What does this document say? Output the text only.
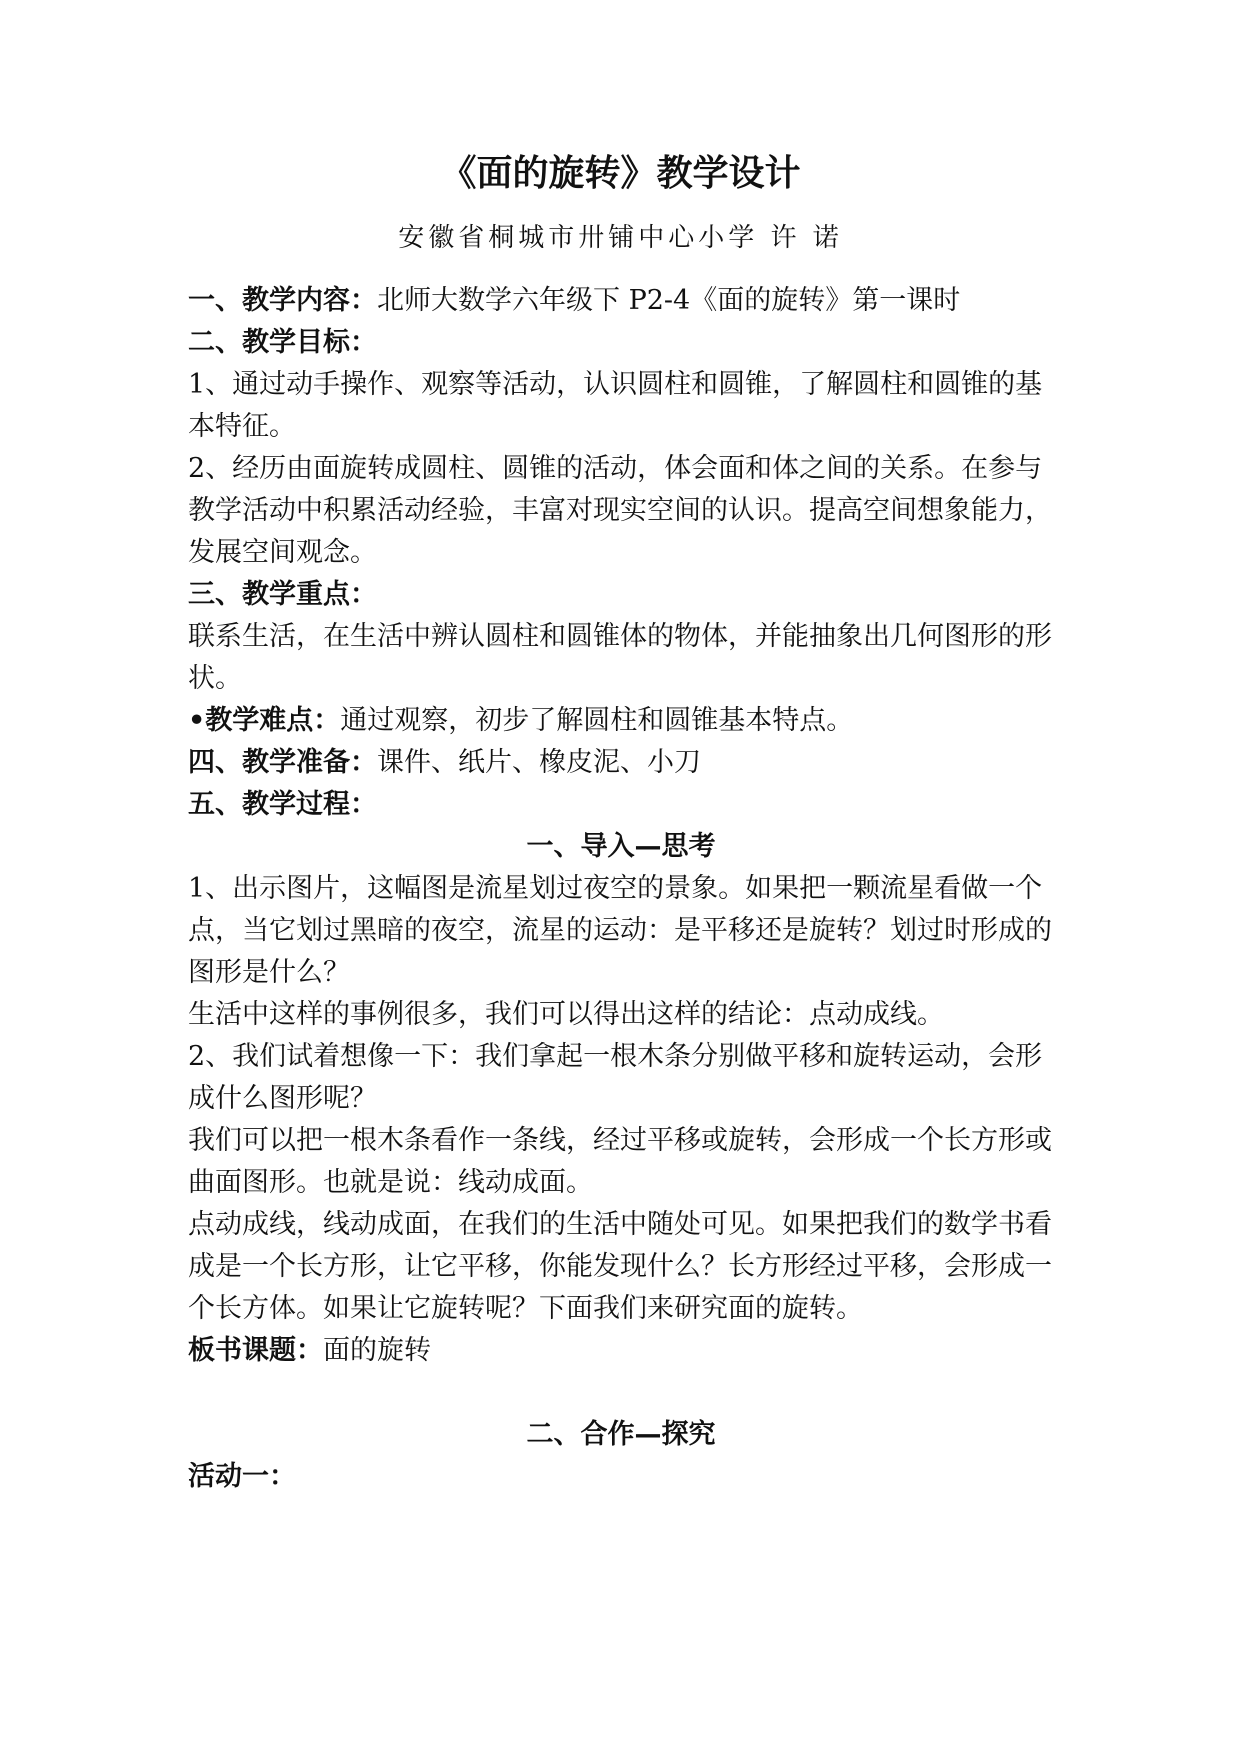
《面的旋转》教学设计
安徽省桐城市卅铺中心小学 许 诺

一、教学内容：北师大数学六年级下 P2-4《面的旋转》第一课时

二、教学目标：

1、通过动手操作、观察等活动，认识圆柱和圆锥，了解圆柱和圆锥的基本特征。

2、经历由面旋转成圆柱、圆锥的活动，体会面和体之间的关系。在参与教学活动中积累活动经验，丰富对现实空间的认识。提高空间想象能力，发展空间观念。

三、教学重点：

联系生活，在生活中辨认圆柱和圆锥体的物体，并能抽象出几何图形的形状。

•教学难点：通过观察，初步了解圆柱和圆锥基本特点。

四、教学准备：课件、纸片、橡皮泥、小刀

五、教学过程：

一、导入—思考

1、出示图片，这幅图是流星划过夜空的景象。如果把一颗流星看做一个点，当它划过黑暗的夜空，流星的运动：是平移还是旋转？划过时形成的图形是什么？

生活中这样的事例很多，我们可以得出这样的结论：点动成线。

2、我们试着想像一下：我们拿起一根木条分别做平移和旋转运动，会形成什么图形呢？

我们可以把一根木条看作一条线，经过平移或旋转，会形成一个长方形或曲面图形。也就是说：线动成面。

点动成线，线动成面，在我们的生活中随处可见。如果把我们的数学书看成是一个长方形，让它平移，你能发现什么？长方形经过平移，会形成一个长方体。如果让它旋转呢？下面我们来研究面的旋转。

板书课题：面的旋转

二、合作—探究

活动一：
